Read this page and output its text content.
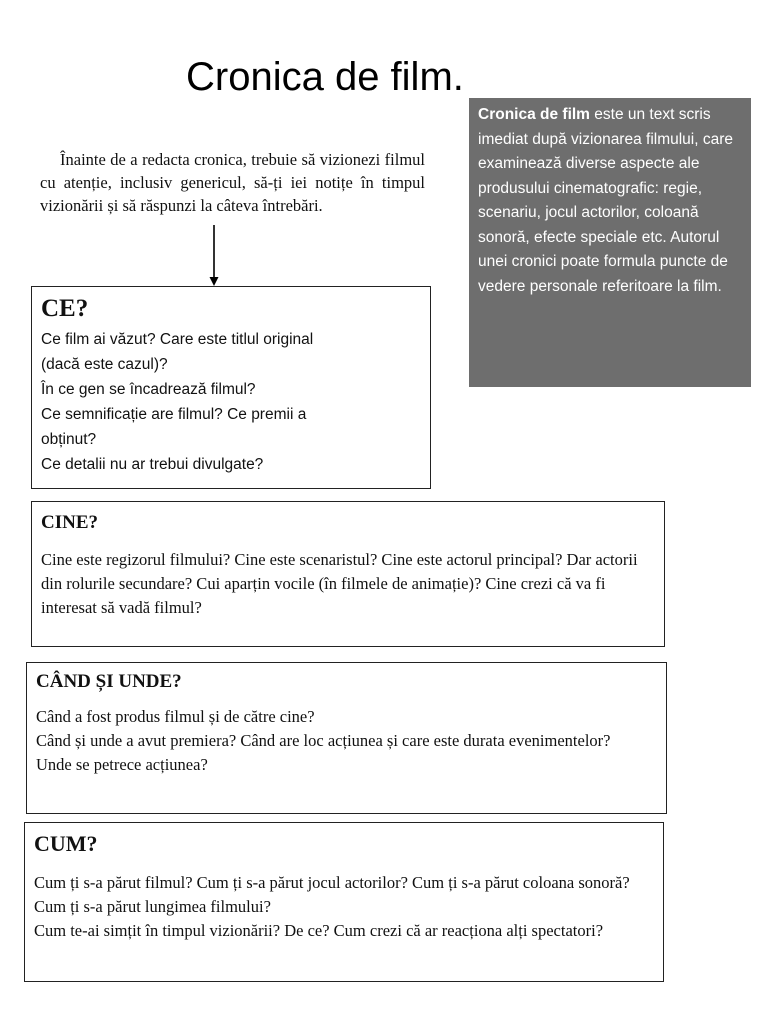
Cronica de film.
Înainte de a redacta cronica, trebuie să vizionezi filmul cu atenție, inclusiv genericul, să-ți iei notițe în timpul vizionării și să răspunzi la câteva întrebări.
Cronica de film este un text scris imediat după vizionarea filmului, care examinează diverse aspecte ale produsului cinematografic: regie, scenariu, jocul actorilor, coloană sonoră, efecte speciale etc. Autorul unei cronici poate formula puncte de vedere personale referitoare la film.
CE?
Ce film ai văzut? Care este titlul original
(dacă este cazul)?
În ce gen se încadrează filmul?
Ce semnificație are filmul? Ce premii a
obținut?
Ce detalii nu ar trebui divulgate?
CINE?
Cine este regizorul filmului? Cine este scenaristul? Cine este actorul principal? Dar actorii din rolurile secundare? Cui aparțin vocile (în filmele de animație)? Cine crezi că va fi interesat să vadă filmul?
CÂND ȘI UNDE?
Când a fost produs filmul și de către cine?
Când și unde a avut premiera? Când are loc acțiunea și care este durata evenimentelor?
Unde se petrece acțiunea?
CUM?
Cum ți s-a părut filmul? Cum ți s-a părut jocul actorilor? Cum ți s-a părut coloana sonoră? Cum ți s-a părut lungimea filmului?
Cum te-ai simțit în timpul vizionării? De ce? Cum crezi că ar reacționa alți spectatori?
